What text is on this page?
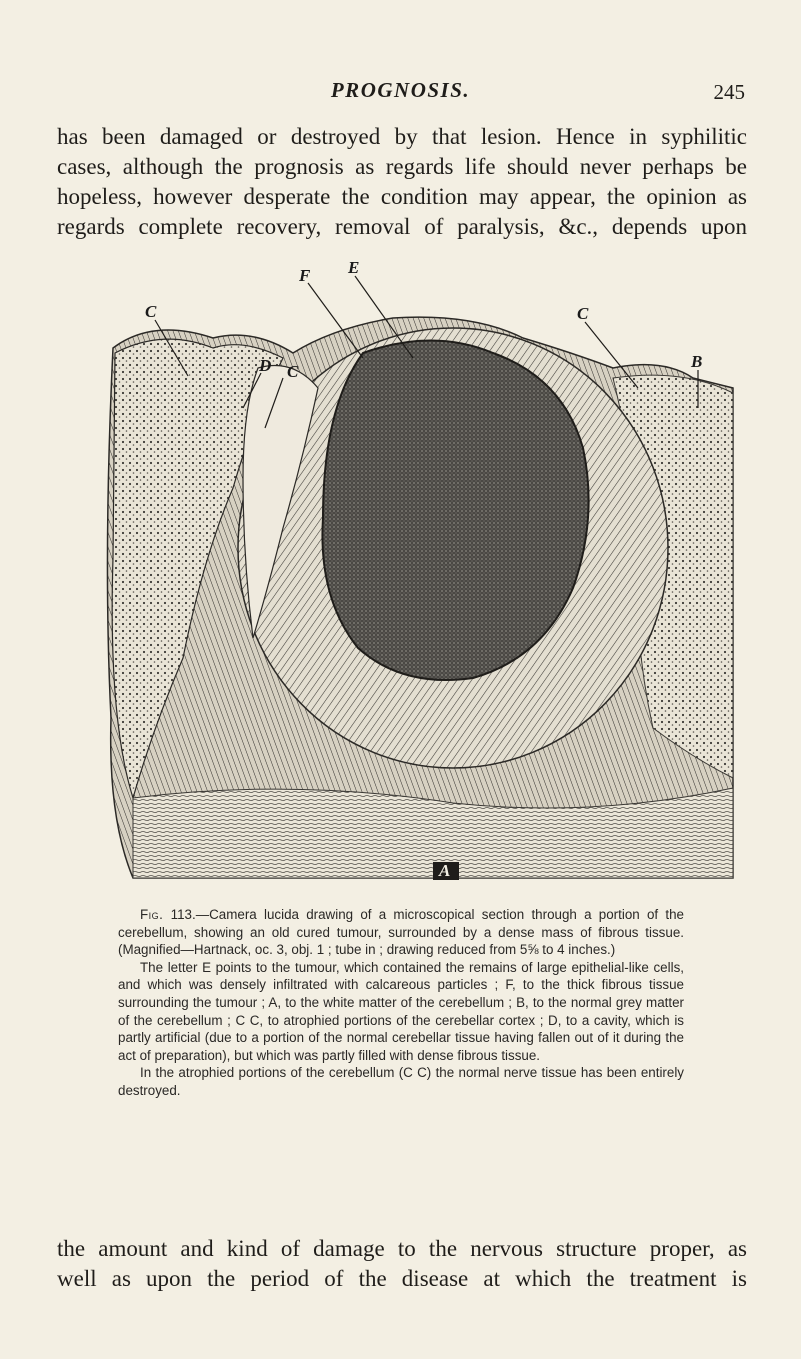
PROGNOSIS.	245
has been damaged or destroyed by that lesion. Hence in syphilitic
cases, although the prognosis as regards life should never perhaps be
hopeless, however desperate the condition may appear, the opinion as
regards complete recovery, removal of paralysis, &c., depends upon
F E
C
D C
C
B
A

Fig. 113.—Camera lucida drawing of a microscopical section through a portion of the cerebellum, showing an old cured tumour, surrounded by a dense mass of fibrous tissue. (Magnified—Hartnack, oc. 3, obj. 1 ; tube in ; drawing reduced from 5⅝ to 4 inches.)

The letter E points to the tumour, which contained the remains of large epithelial-like cells, and which was densely infiltrated with calcareous particles ; F, to the thick fibrous tissue surrounding the tumour ; A, to the white matter of the cerebellum ; B, to the normal grey matter of the cerebellum ; C C, to atrophied portions of the cerebellar cortex ; D, to a cavity, which is partly artificial (due to a portion of the normal cerebellar tissue having fallen out of it during the act of preparation), but which was partly filled with dense fibrous tissue.

In the atrophied portions of the cerebellum (C C) the normal nerve tissue has been entirely destroyed.

the amount and kind of damage to the nervous structure proper, as
well as upon the period of the disease at which the treatment is
